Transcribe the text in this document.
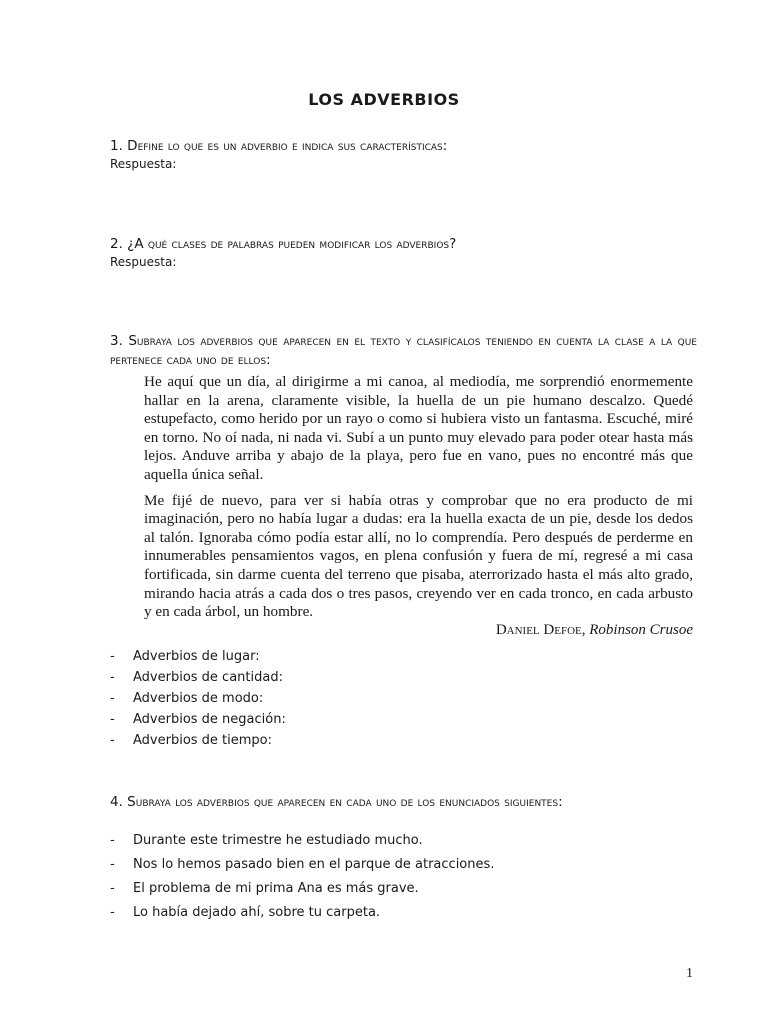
LOS ADVERBIOS
1. Define lo que es un adverbio e indica sus características:
Respuesta:
2. ¿A qué clases de palabras pueden modificar los adverbios?
Respuesta:
3. Subraya los adverbios que aparecen en el texto y clasifícalos teniendo en cuenta la clase a la que pertenece cada uno de ellos:

He aquí que un día, al dirigirme a mi canoa, al mediodía, me sorprendió enormemente hallar en la arena, claramente visible, la huella de un pie humano descalzo. Quedé estupefacto, como herido por un rayo o como si hubiera visto un fantasma. Escuché, miré en torno. No oí nada, ni nada vi. Subí a un punto muy elevado para poder otear hasta más lejos. Anduve arriba y abajo de la playa, pero fue en vano, pues no encontré más que aquella única señal.

Me fijé de nuevo, para ver si había otras y comprobar que no era producto de mi imaginación, pero no había lugar a dudas: era la huella exacta de un pie, desde los dedos al talón. Ignoraba cómo podía estar allí, no lo comprendía. Pero después de perderme en innumerables pensamientos vagos, en plena confusión y fuera de mí, regresé a mi casa fortificada, sin darme cuenta del terreno que pisaba, aterrorizado hasta el más alto grado, mirando hacia atrás a cada dos o tres pasos, creyendo ver en cada tronco, en cada arbusto y en cada árbol, un hombre.

Daniel Defoe, Robinson Crusoe
- Adverbios de lugar:
- Adverbios de cantidad:
- Adverbios de modo:
- Adverbios de negación:
- Adverbios de tiempo:
4. Subraya los adverbios que aparecen en cada uno de los enunciados siguientes:
- Durante este trimestre he estudiado mucho.
- Nos lo hemos pasado bien en el parque de atracciones.
- El problema de mi prima Ana es más grave.
- Lo había dejado ahí, sobre tu carpeta.
1
